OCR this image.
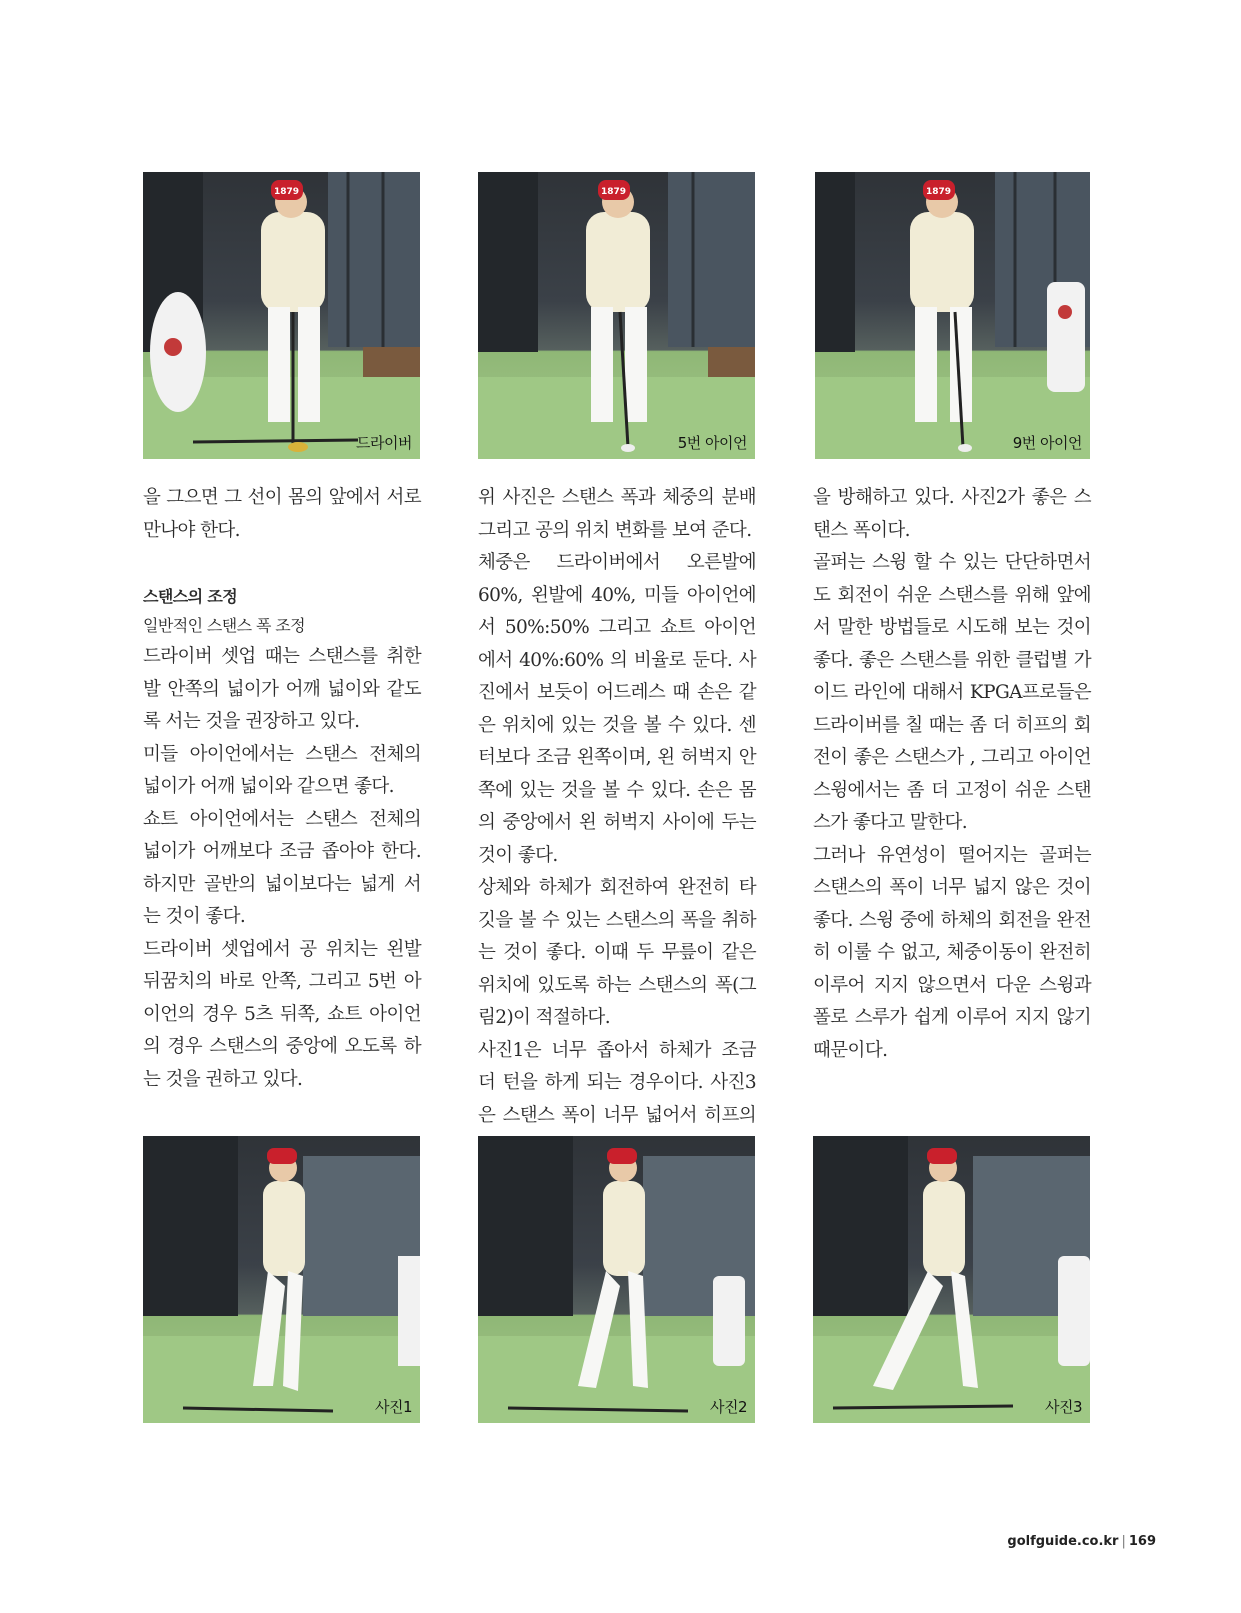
1879
드라이버
1879
5번 아이언
1879
9번 아이언

을 그으면 그 선이 몸의 앞에서 서로 만나야 한다.

스탠스의 조정

일반적인 스탠스 폭 조정

드라이버 셋업 때는 스탠스를 취한 발 안쪽의 넓이가 어깨 넓이와 같도록 서는 것을 권장하고 있다.

미들 아이언에서는 스탠스 전체의 넓이가 어깨 넓이와 같으면 좋다.

쇼트 아이언에서는 스탠스 전체의 넓이가 어깨보다 조금 좁아야 한다. 하지만 골반의 넓이보다는 넓게 서는 것이 좋다.

드라이버 셋업에서 공 위치는 왼발 뒤꿈치의 바로 안쪽, 그리고 5번 아이언의 경우 5츠 뒤쪽, 쇼트 아이언의 경우 스탠스의 중앙에 오도록 하는 것을 권하고 있다.

위 사진은 스탠스 폭과 체중의 분배 그리고 공의 위치 변화를 보여 준다.

체중은 드라이버에서 오른발에 60%, 왼발에 40%, 미들 아이언에서 50%:50% 그리고 쇼트 아이언에서 40%:60% 의 비율로 둔다. 사진에서 보듯이 어드레스 때 손은 같은 위치에 있는 것을 볼 수 있다. 센터보다 조금 왼쪽이며, 왼 허벅지 안쪽에 있는 것을 볼 수 있다. 손은 몸의 중앙에서 왼 허벅지 사이에 두는 것이 좋다.

상체와 하체가 회전하여 완전히 타깃을 볼 수 있는 스탠스의 폭을 취하는 것이 좋다. 이때 두 무릎이 같은 위치에 있도록 하는 스탠스의 폭(그림2)이 적절하다.

사진1은 너무 좁아서 하체가 조금 더 턴을 하게 되는 경우이다. 사진3은 스탠스 폭이 너무 넓어서 히프의

을 방해하고 있다. 사진2가 좋은 스탠스 폭이다.

골퍼는 스윙 할 수 있는 단단하면서도 회전이 쉬운 스탠스를 위해 앞에서 말한 방법들로 시도해 보는 것이 좋다. 좋은 스탠스를 위한 클럽별 가이드 라인에 대해서 KPGA프로들은 드라이버를 칠 때는 좀 더 히프의 회전이 좋은 스탠스가 , 그리고 아이언 스윙에서는 좀 더 고정이 쉬운 스탠스가 좋다고 말한다.

그러나 유연성이 떨어지는 골퍼는 스탠스의 폭이 너무 넓지 않은 것이 좋다. 스윙 중에 하체의 회전을 완전히 이룰 수 없고, 체중이동이 완전히 이루어 지지 않으면서 다운 스윙과 폴로 스루가 쉽게 이루어 지지 않기 때문이다.

사진1	사진2	사진3
golfguide.co.kr | 169
